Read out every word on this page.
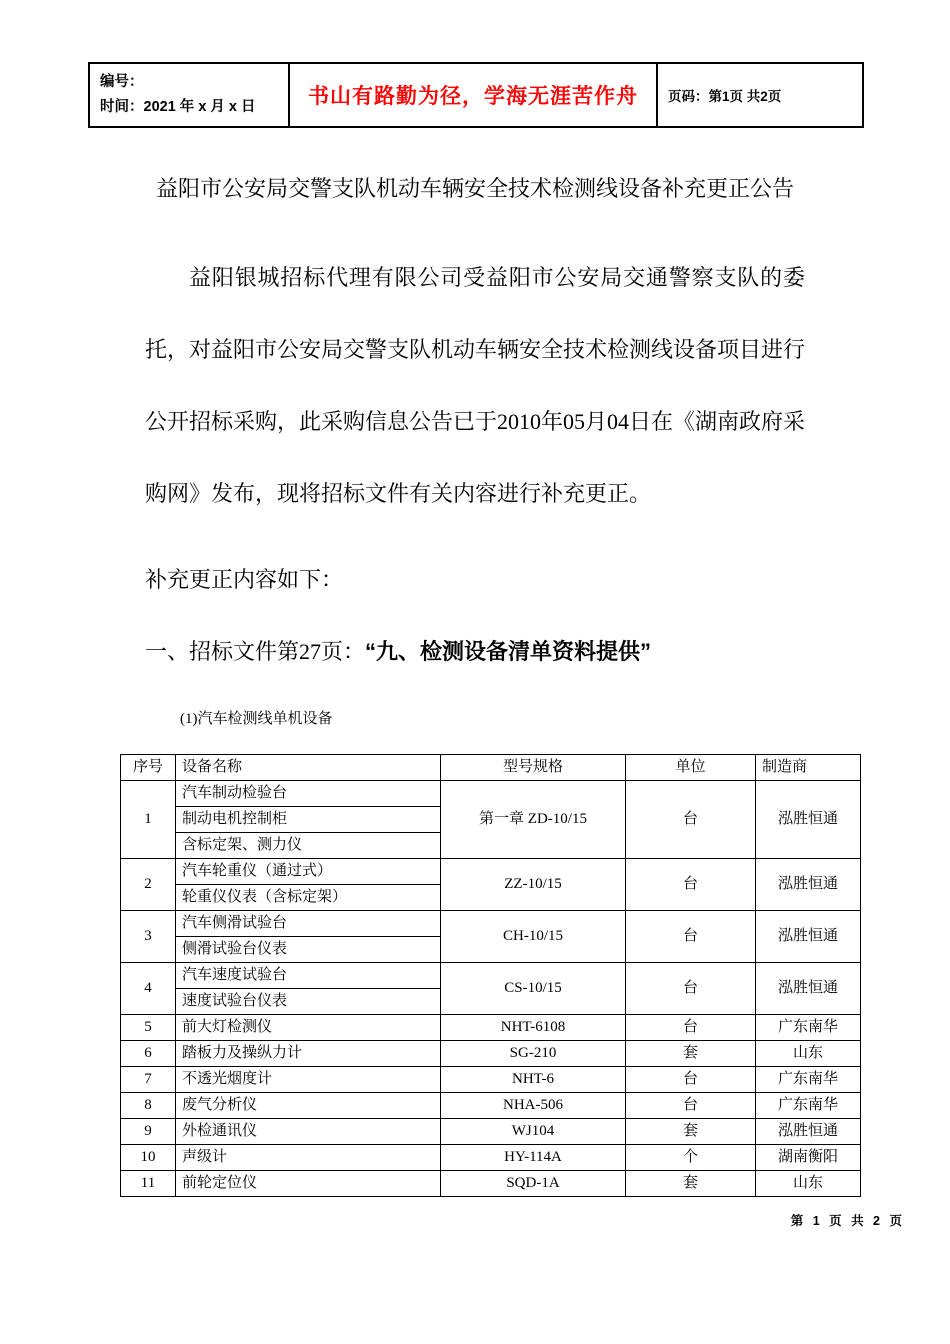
编号：
时间：2021 年 x 月 x 日	书山有路勤为径，学海无涯苦作舟	页码：第1页 共2页
益阳市公安局交警支队机动车辆安全技术检测线设备补充更正公告

益阳银城招标代理有限公司受益阳市公安局交通警察支队的委托，对益阳市公安局交警支队机动车辆安全技术检测线设备项目进行公开招标采购，此采购信息公告已于2010年05月04日在《湖南政府采购网》发布，现将招标文件有关内容进行补充更正。

补充更正内容如下：

一、招标文件第27页：“九、检测设备清单资料提供”

(1)汽车检测线单机设备

序号	设备名称	型号规格	单位	制造商
1	汽车制动检验台	第一章 ZD-10/15	台	泓胜恒通
	制动电机控制柜			
	含标定架、测力仪			
2	汽车轮重仪（通过式）	ZZ-10/15	台	泓胜恒通
	轮重仪仪表（含标定架）			
3	汽车侧滑试验台	CH-10/15	台	泓胜恒通
	侧滑试验台仪表			
4	汽车速度试验台	CS-10/15	台	泓胜恒通
	速度试验台仪表			
5	前大灯检测仪	NHT-6108	台	广东南华
6	踏板力及操纵力计	SG-210	套	山东
7	不透光烟度计	NHT-6	台	广东南华
8	废气分析仪	NHA-506	台	广东南华
9	外检通讯仪	WJ104	套	泓胜恒通
10	声级计	HY-114A	个	湖南衡阳
11	前轮定位仪	SQD-1A	套	山东
第 1 页 共 2 页
